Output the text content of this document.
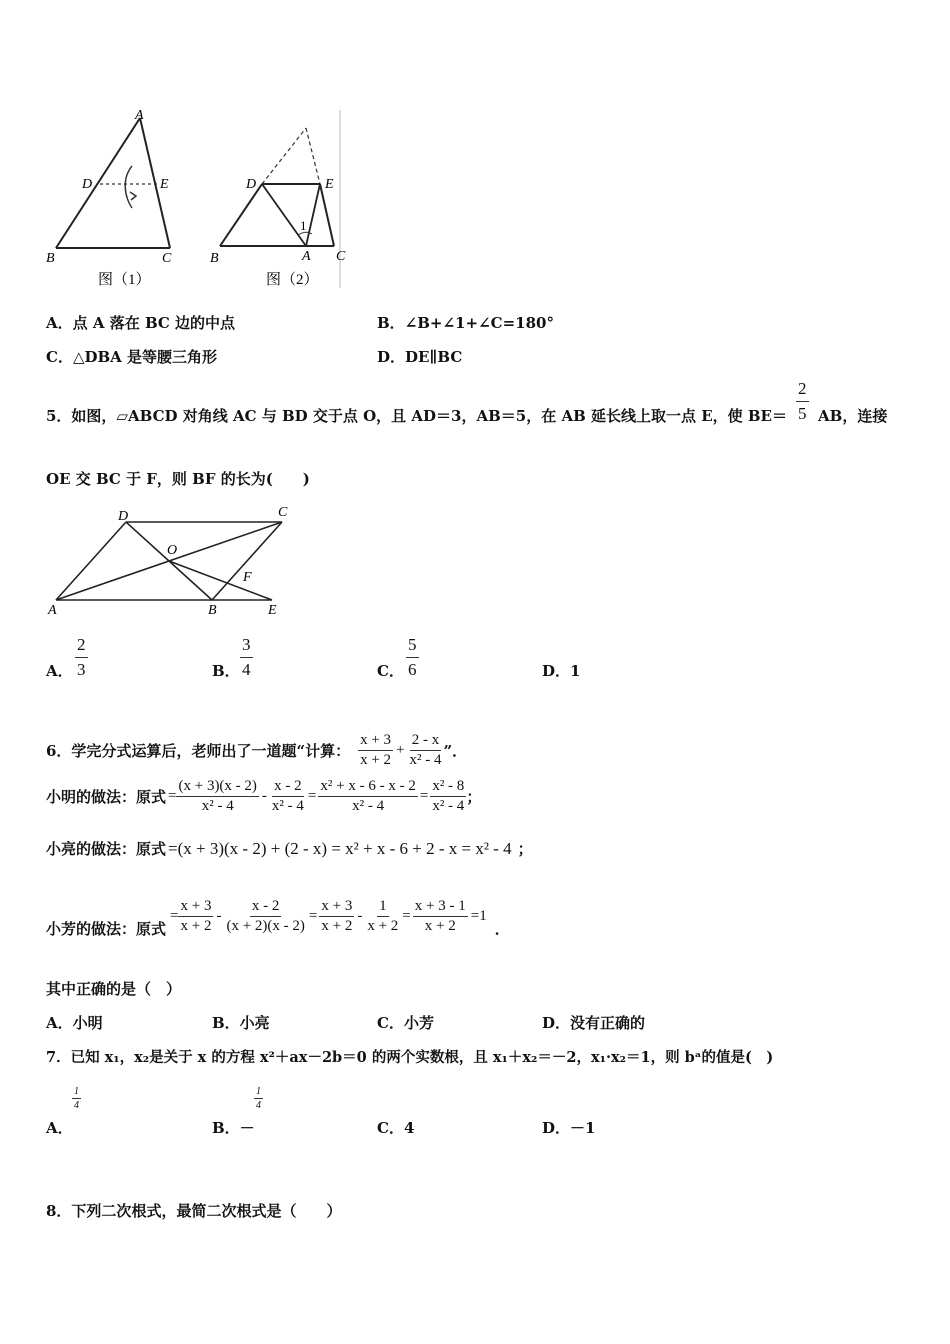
A
D	E
B	C
图（1）
D	E
1
B	A C
图（2）
A．点 A 落在 BC 边的中点	B．∠B+∠1+∠C=180°
C．△DBA 是等腰三角形	D．DE∥BC
5．如图，▱ABCD 对角线 AC 与 BD 交于点 O，且 AD＝3，AB＝5，在 AB 延长线上取一点 E，使 $BE= \frac{2}{5}$ AB，连接
OE 交 BC 于 F，则 BF 的长为(　　)
D	C
O
F
A	B	E
A． $\frac{2}{3}$	B． $\frac{3}{4}$	C． $\frac{5}{6}$	D．1
6．学完分式运算后，老师出了一道题“计算： $\frac{x + 3}{x + 2} + \frac{2 - x}{\text{x² - 4}}$ ”．
小明的做法：原式 = $\frac{(x + 3)(x - 2)}{\text{x² - 4}} - \frac{x - 2}{\text{x² - 4}} = \frac{\text{x² + x - 6 - x - 2}}{\text{x² - 4}} = \frac{\text{x² - 8}}{\text{x² - 4}}$ ；
小亮的做法：原式 =(x + 3)(x - 2) + (2 - x) = x² + x - 6 + 2 - x = x² - 4 ；
小芳的做法：原式
= $\frac{x + 3}{x + 2} - \frac{x - 2}{(x + 2)(x - 2)} = \frac{x + 3}{x + 2} - \frac{1}{x + 2} = \frac{x + 3 - 1}{x + 2} =1$
．
其中正确的是（　）
A．小明	B．小亮	C．小芳	D．没有正确的
7．已知 x₁，x₂是关于 x 的方程 x²＋ax－2b＝0 的两个实数根，且 x₁＋x₂＝－2，x₁·x₂＝1，则 bᵃ的值是(　)
$\frac{1}{4}$	$\frac{1}{4}$
A．	B．－	C．4	D．－1
8．下列二次根式，最简二次根式是（　　）
